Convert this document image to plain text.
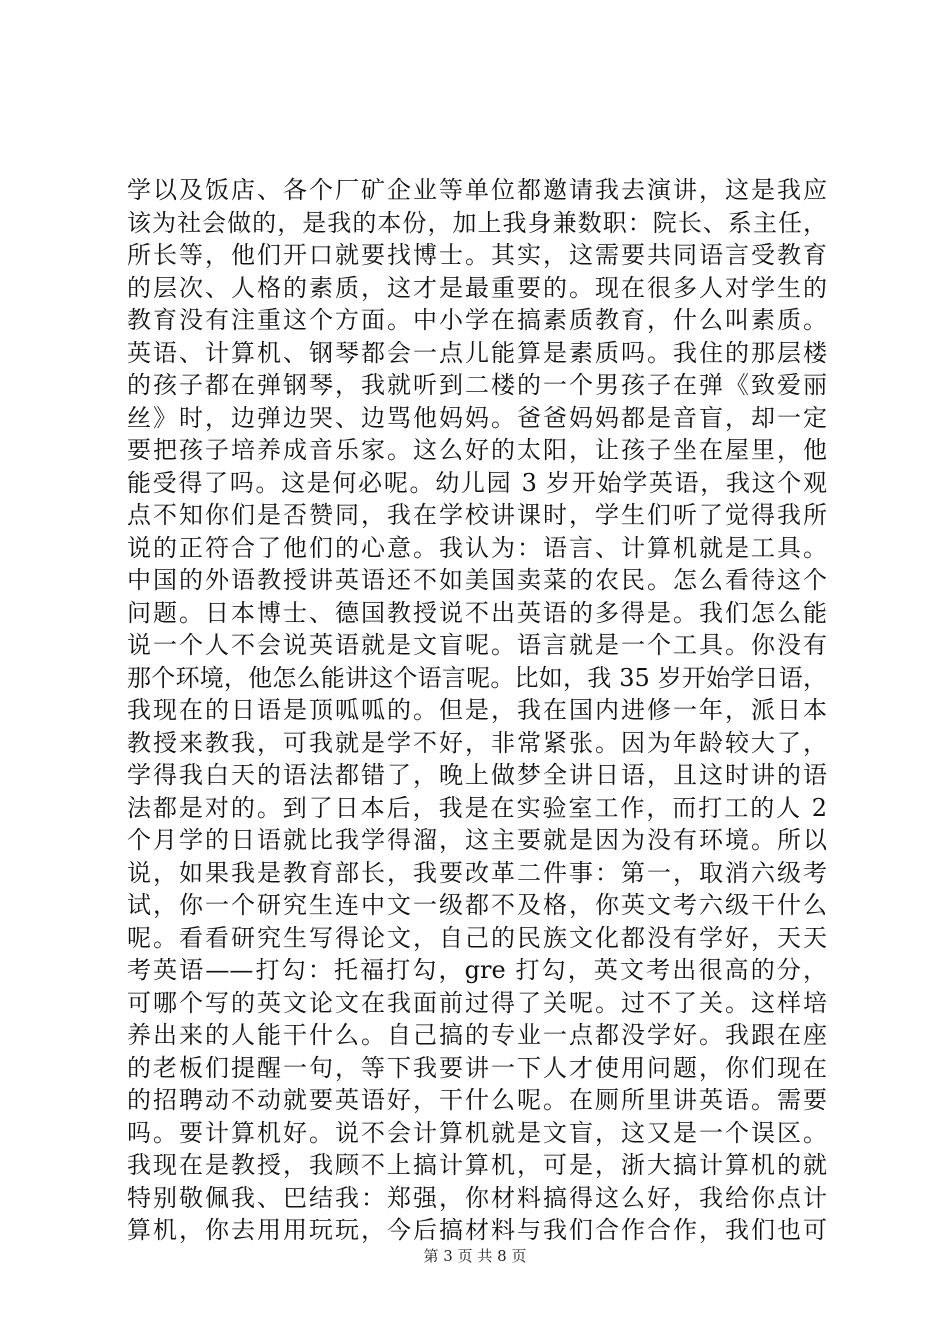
学以及饭店、各个厂矿企业等单位都邀请我去演讲，这是我应
该为社会做的，是我的本份，加上我身兼数职：院长、系主任，
所长等，他们开口就要找博士。其实，这需要共同语言受教育
的层次、人格的素质，这才是最重要的。现在很多人对学生的
教育没有注重这个方面。中小学在搞素质教育，什么叫素质。
英语、计算机、钢琴都会一点儿能算是素质吗。我住的那层楼
的孩子都在弹钢琴，我就听到二楼的一个男孩子在弹《致爱丽
丝》时，边弹边哭、边骂他妈妈。爸爸妈妈都是音盲，却一定
要把孩子培养成音乐家。这么好的太阳，让孩子坐在屋里，他
能受得了吗。这是何必呢。幼儿园 3 岁开始学英语，我这个观
点不知你们是否赞同，我在学校讲课时，学生们听了觉得我所
说的正符合了他们的心意。我认为：语言、计算机就是工具。
中国的外语教授讲英语还不如美国卖菜的农民。怎么看待这个
问题。日本博士、德国教授说不出英语的多得是。我们怎么能
说一个人不会说英语就是文盲呢。语言就是一个工具。你没有
那个环境，他怎么能讲这个语言呢。比如，我 35 岁开始学日语，
我现在的日语是顶呱呱的。但是，我在国内进修一年，派日本
教授来教我，可我就是学不好，非常紧张。因为年龄较大了，
学得我白天的语法都错了，晚上做梦全讲日语，且这时讲的语
法都是对的。到了日本后，我是在实验室工作，而打工的人 2
个月学的日语就比我学得溜，这主要就是因为没有环境。所以
说，如果我是教育部长，我要改革二件事：第一，取消六级考
试，你一个研究生连中文一级都不及格，你英文考六级干什么
呢。看看研究生写得论文，自己的民族文化都没有学好，天天
考英语——打勾：托福打勾，gre 打勾，英文考出很高的分，
可哪个写的英文论文在我面前过得了关呢。过不了关。这样培
养出来的人能干什么。自己搞的专业一点都没学好。我跟在座
的老板们提醒一句，等下我要讲一下人才使用问题，你们现在
的招聘动不动就要英语好，干什么呢。在厕所里讲英语。需要
吗。要计算机好。说不会计算机就是文盲，这又是一个误区。
我现在是教授，我顾不上搞计算机，可是，浙大搞计算机的就
特别敬佩我、巴结我：郑强，你材料搞得这么好，我给你点计
算机，你去用用玩玩，今后搞材料与我们合作合作，我们也可
第 3 页 共 8 页
